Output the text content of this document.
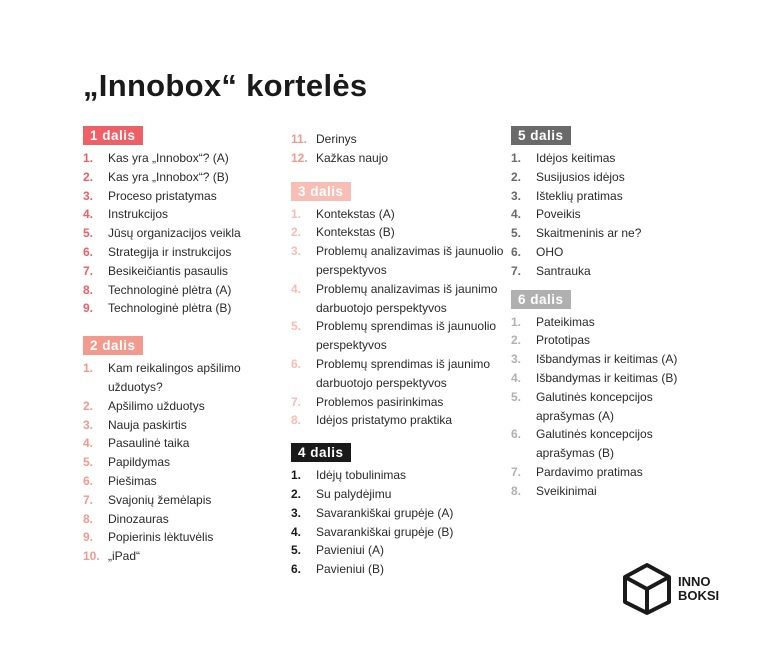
„Innobox“ kortelės
1 dalis
1.	Kas yra „Innobox“? (A)
2.	Kas yra „Innobox“? (B)
3.	Proceso pristatymas
4.	Instrukcijos
5.	Jūsų organizacijos veikla
6.	Strategija ir instrukcijos
7.	Besikeičiantis pasaulis
8.	Technologinė plėtra (A)
9.	Technologinė plėtra (B)
2 dalis
1.	Kam reikalingos apšilimo užduotys?
2.	Apšilimo užduotys
3.	Nauja paskirtis
4.	Pasaulinė taika
5.	Papildymas
6.	Piešimas
7.	Svajonių žemėlapis
8.	Dinozauras
9.	Popierinis lėktuvėlis
10. „iPad“
11. Derinys
12. Kažkas naujo
3 dalis
1.	Kontekstas (A)
2.	Kontekstas (B)
3.	Problemų analizavimas iš jaunuolio perspektyvos
4.	Problemų analizavimas iš jaunimo darbuotojo perspektyvos
5.	Problemų sprendimas iš jaunuolio perspektyvos
6.	Problemų sprendimas iš jaunimo darbuotojo perspektyvos
7.	Problemos pasirinkimas
8.	Idėjos pristatymo praktika
4 dalis
1.	Idėjų tobulinimas
2.	Su palydėjimu
3.	Savarankiškai grupėje (A)
4.	Savarankiškai grupėje (B)
5.	Pavieniui (A)
6.	Pavieniui (B)
5 dalis
1.	Idėjos keitimas
2.	Susijusios idėjos
3.	Išteklių pratimas
4.	Poveikis
5.	Skaitmeninis ar ne?
6.	OHO
7.	Santrauka
6 dalis
1.	Pateikimas
2.	Prototipas
3.	Išbandymas ir keitimas (A)
4.	Išbandymas ir keitimas (B)
5.	Galutinės koncepcijos aprašymas (A)
6.	Galutinės koncepcijos aprašymas (B)
7.	Pardavimo pratimas
8.	Sveikinimai
INNO
BOKSI
